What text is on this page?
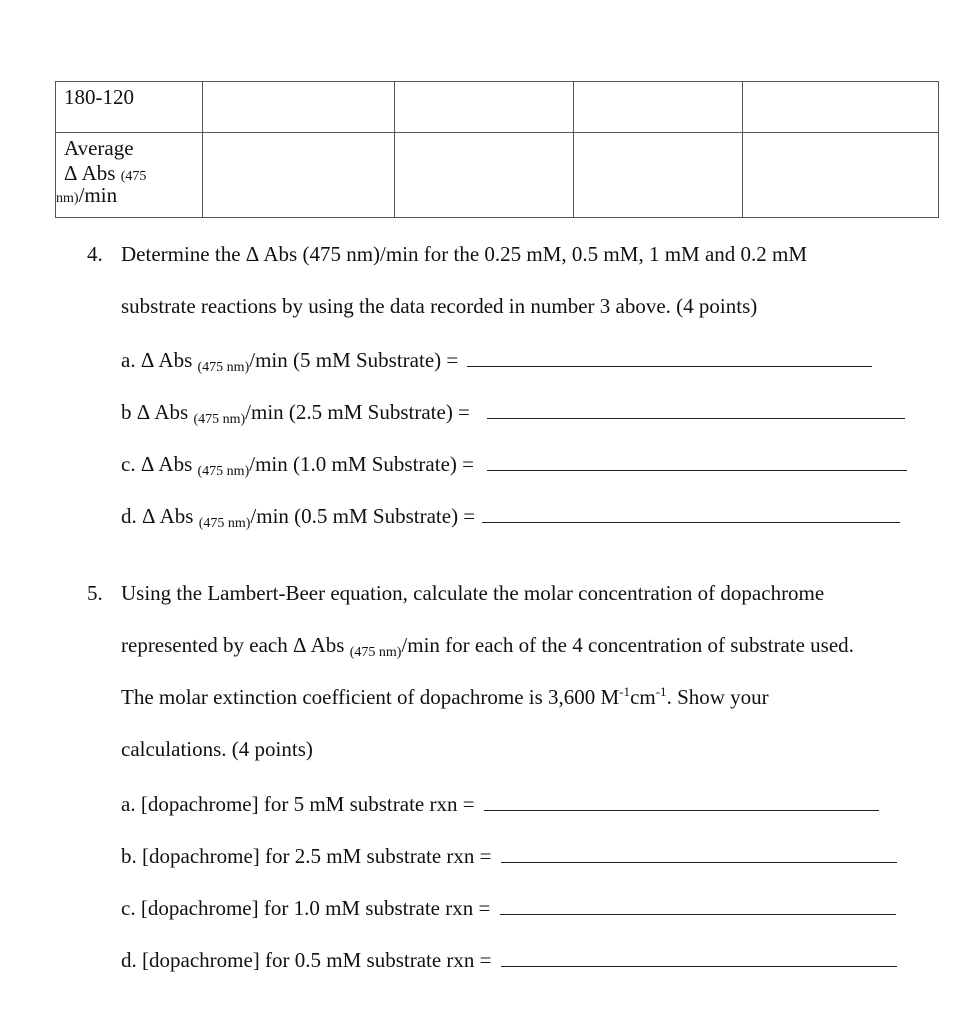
180-120				

Average
Δ Abs (475
nm)/min				

4. Determine the Δ Abs (475 nm)/min for the 0.25 mM, 0.5 mM, 1 mM and 0.2 mM
substrate reactions by using the data recorded in number 3 above. (4 points)
a. Δ Abs (475 nm)/min (5 mM Substrate) =
b Δ Abs (475 nm)/min (2.5 mM Substrate) =
c. Δ Abs (475 nm)/min (1.0 mM Substrate) =
d. Δ Abs (475 nm)/min (0.5 mM Substrate) =
5. Using the Lambert-Beer equation, calculate the molar concentration of dopachrome
represented by each Δ Abs (475 nm)/min for each of the 4 concentration of substrate used.
The molar extinction coefficient of dopachrome is 3,600 $M^{-1}cm^{-1}$. Show your
calculations. (4 points)
a. [dopachrome] for 5 mM substrate rxn =
b. [dopachrome] for 2.5 mM substrate rxn =
c. [dopachrome] for 1.0 mM substrate rxn =
d. [dopachrome] for 0.5 mM substrate rxn =
